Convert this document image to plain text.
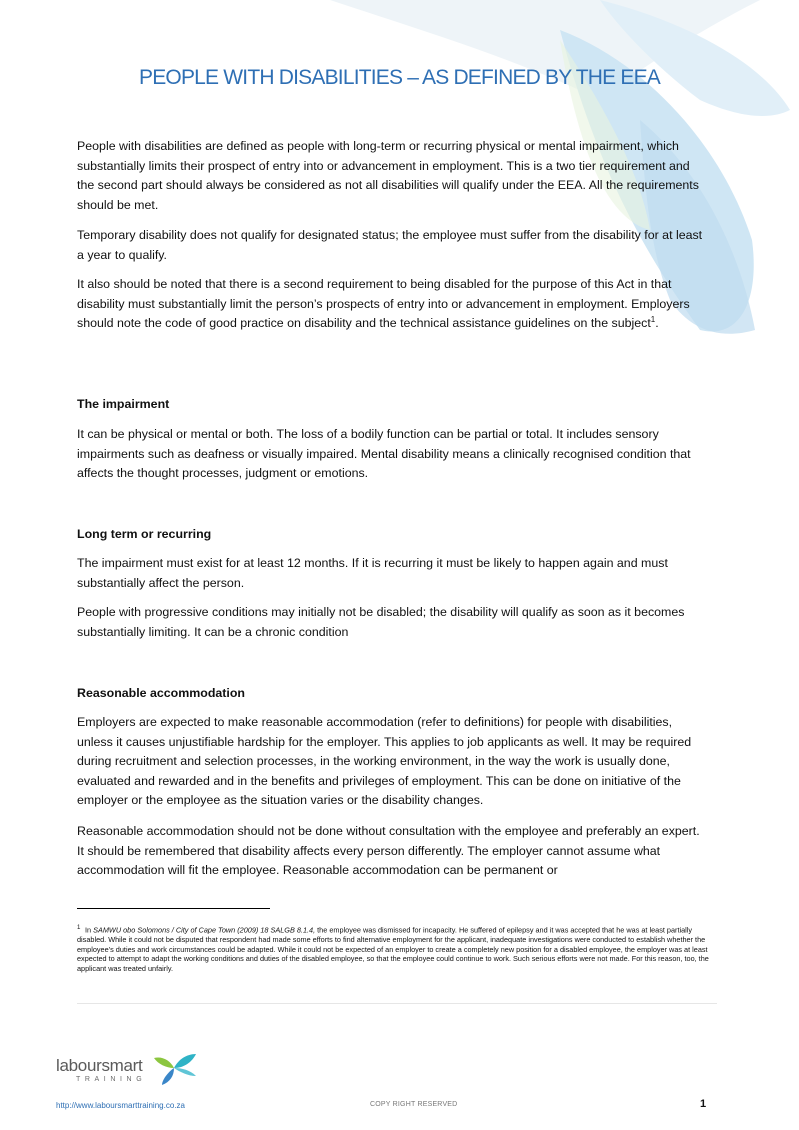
PEOPLE WITH DISABILITIES – AS DEFINED BY THE EEA

People with disabilities are defined as people with long-term or recurring physical or mental impairment, which substantially limits their prospect of entry into or advancement in employment. This is a two tier requirement and the second part should always be considered as not all disabilities will qualify under the EEA. All the requirements should be met.

Temporary disability does not qualify for designated status; the employee must suffer from the disability for at least a year to qualify.

It also should be noted that there is a second requirement to being disabled for the purpose of this Act in that disability must substantially limit the person’s prospects of entry into or advancement in employment. Employers should note the code of good practice on disability and the technical assistance guidelines on the subject$^1$.

The impairment

It can be physical or mental or both. The loss of a bodily function can be partial or total. It includes sensory impairments such as deafness or visually impaired. Mental disability means a clinically recognised condition that affects the thought processes, judgment or emotions.

Long term or recurring

The impairment must exist for at least 12 months. If it is recurring it must be likely to happen again and must substantially affect the person.

People with progressive conditions may initially not be disabled; the disability will qualify as soon as it becomes substantially limiting. It can be a chronic condition

Reasonable accommodation

Employers are expected to make reasonable accommodation (refer to definitions) for people with disabilities, unless it causes unjustifiable hardship for the employer. This applies to job applicants as well. It may be required during recruitment and selection processes, in the working environment, in the way the work is usually done, evaluated and rewarded and in the benefits and privileges of employment. This can be done on initiative of the employer or the employee as the situation varies or the disability changes.

Reasonable accommodation should not be done without consultation with the employee and preferably an expert. It should be remembered that disability affects every person differently. The employer cannot assume what accommodation will fit the employee. Reasonable accommodation can be permanent or

$^1$ In SAMWU obo Solomons / City of Cape Town (2009) 18 SALGB 8.1.4, the employee was dismissed for incapacity. He suffered of epilepsy and it was accepted that he was at least partially disabled. While it could not be disputed that respondent had made some efforts to find alternative employment for the applicant, inadequate investigations were conducted to establish whether the employee’s duties and work circumstances could be adapted. While it could not be expected of an employer to create a completely new position for a disabled employee, the employer was at least expected to attempt to adapt the working conditions and duties of the disabled employee, so that the employee could continue to work. Such serious efforts were not made. For this reason, too, the applicant was treated unfairly.

laboursmart
TRAINING
http://www.laboursmarttraining.co.za	COPY RIGHT RESERVED	1
